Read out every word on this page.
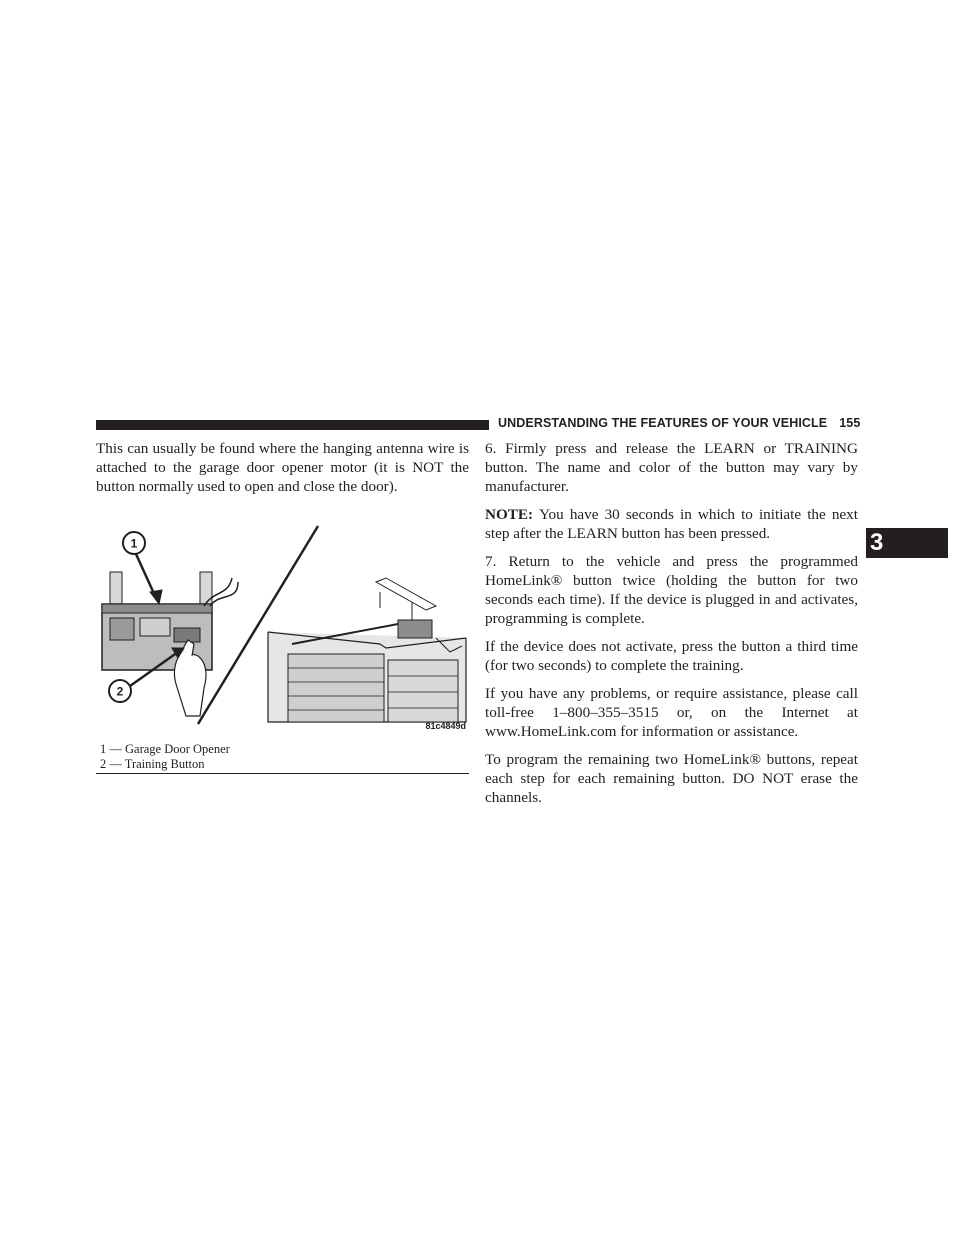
UNDERSTANDING THE FEATURES OF YOUR VEHICLE 155
3

This can usually be found where the hanging antenna wire is attached to the garage door opener motor (it is NOT the button normally used to open and close the door).

1
2
81c4849d
1 — Garage Door Opener
2 — Training Button

6. Firmly press and release the LEARN or TRAINING button. The name and color of the button may vary by manufacturer.

NOTE: You have 30 seconds in which to initiate the next step after the LEARN button has been pressed.

7. Return to the vehicle and press the programmed HomeLink® button twice (holding the button for two seconds each time). If the device is plugged in and activates, programming is complete.

If the device does not activate, press the button a third time (for two seconds) to complete the training.

If you have any problems, or require assistance, please call toll-free 1–800–355–3515 or, on the Internet at www.HomeLink.com for information or assistance.

To program the remaining two HomeLink® buttons, repeat each step for each remaining button. DO NOT erase the channels.
